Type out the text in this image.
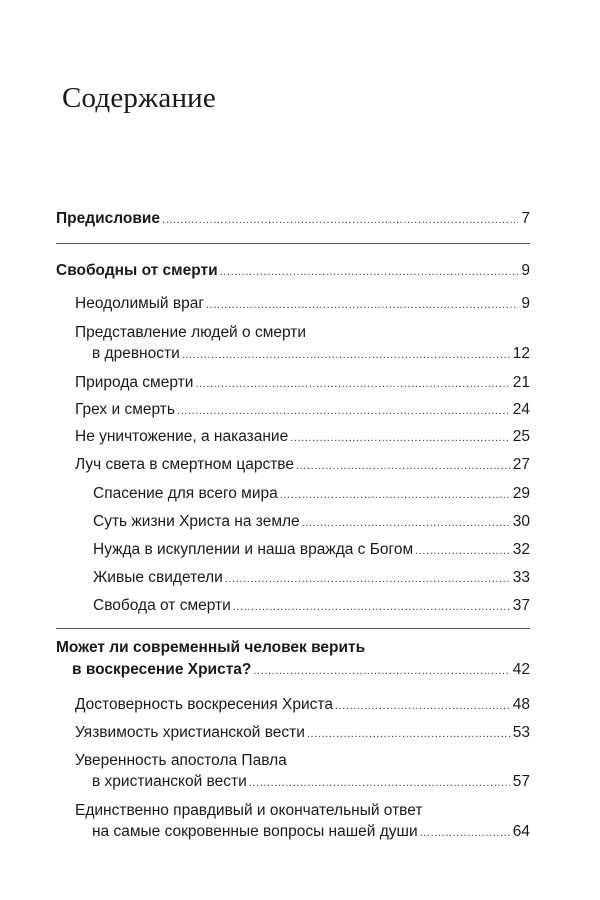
Содержание
Предисловие .....	7
Свободны от смерти .....	9
Неодолимый враг .....	9
Представление людей о смерти
в древности .....	12
Природа смерти .....	21
Грех и смерть .....	24
Не уничтожение, а наказание .....	25
Луч света в смертном царстве .....	27
Спасение для всего мира .....	29
Суть жизни Христа на земле .....	30
Нужда в искуплении и наша вражда с Богом .....	32
Живые свидетели .....	33
Свобода от смерти .....	37
Может ли современный человек верить
в воскресение Христа? .....	42
Достоверность воскресения Христа .....	48
Уязвимость христианской вести .....	53
Уверенность апостола Павла
в христианской вести .....	57
Единственно правдивый и окончательный ответ
на самые сокровенные вопросы нашей души .....	64
